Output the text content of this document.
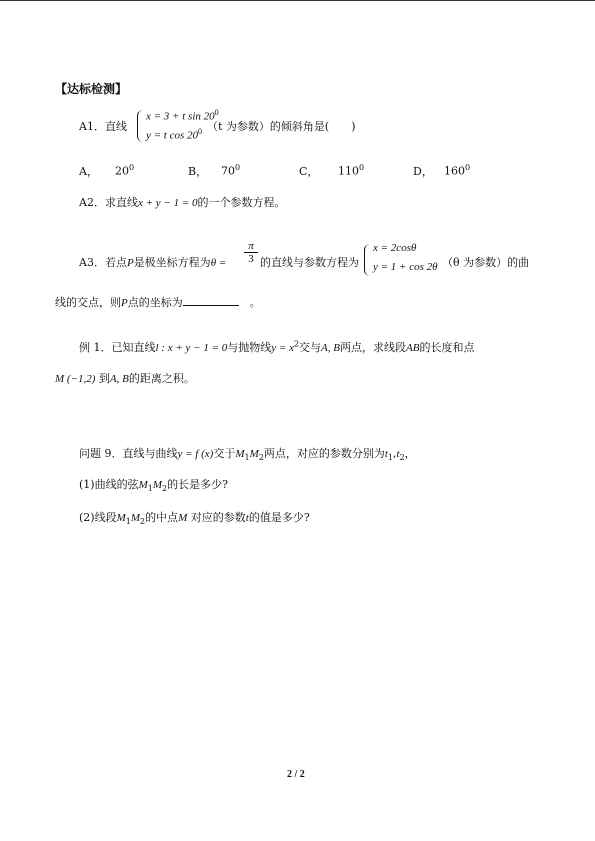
【达标检测】
A1．直线
x = 3 + t $\sin 20^0$
y = t $\cos 20^0$ （t 为参数）的倾斜角是(　　)
A， $20^0$	B， $70^0$	C， $110^0$	D， $160^0$
A2．求直线x + y − 1 = 0的一个参数方程。
A3．若点P是极坐标方程为$\theta = \frac{\pi}{3}$ 的直线与参数方程为
x = 2cosθ
y = 1 + cos 2θ （θ 为参数）的曲
线的交点，则P点的坐标为　	。
例 1．已知直线l : x + y − 1 = 0与抛物线$y = x^2$交与A, B两点，求线段AB的长度和点
M (−1,2) 到A, B的距离之积。
问题 9．直线与曲线y = f (x)交于$M_1M_2$两点，对应的参数分别为$t_1,t_2$，
(1)曲线的弦$M_1M_2$的长是多少?
(2)线段$M_1M_2$的中点M 对应的参数t的值是多少?
2 / 2
